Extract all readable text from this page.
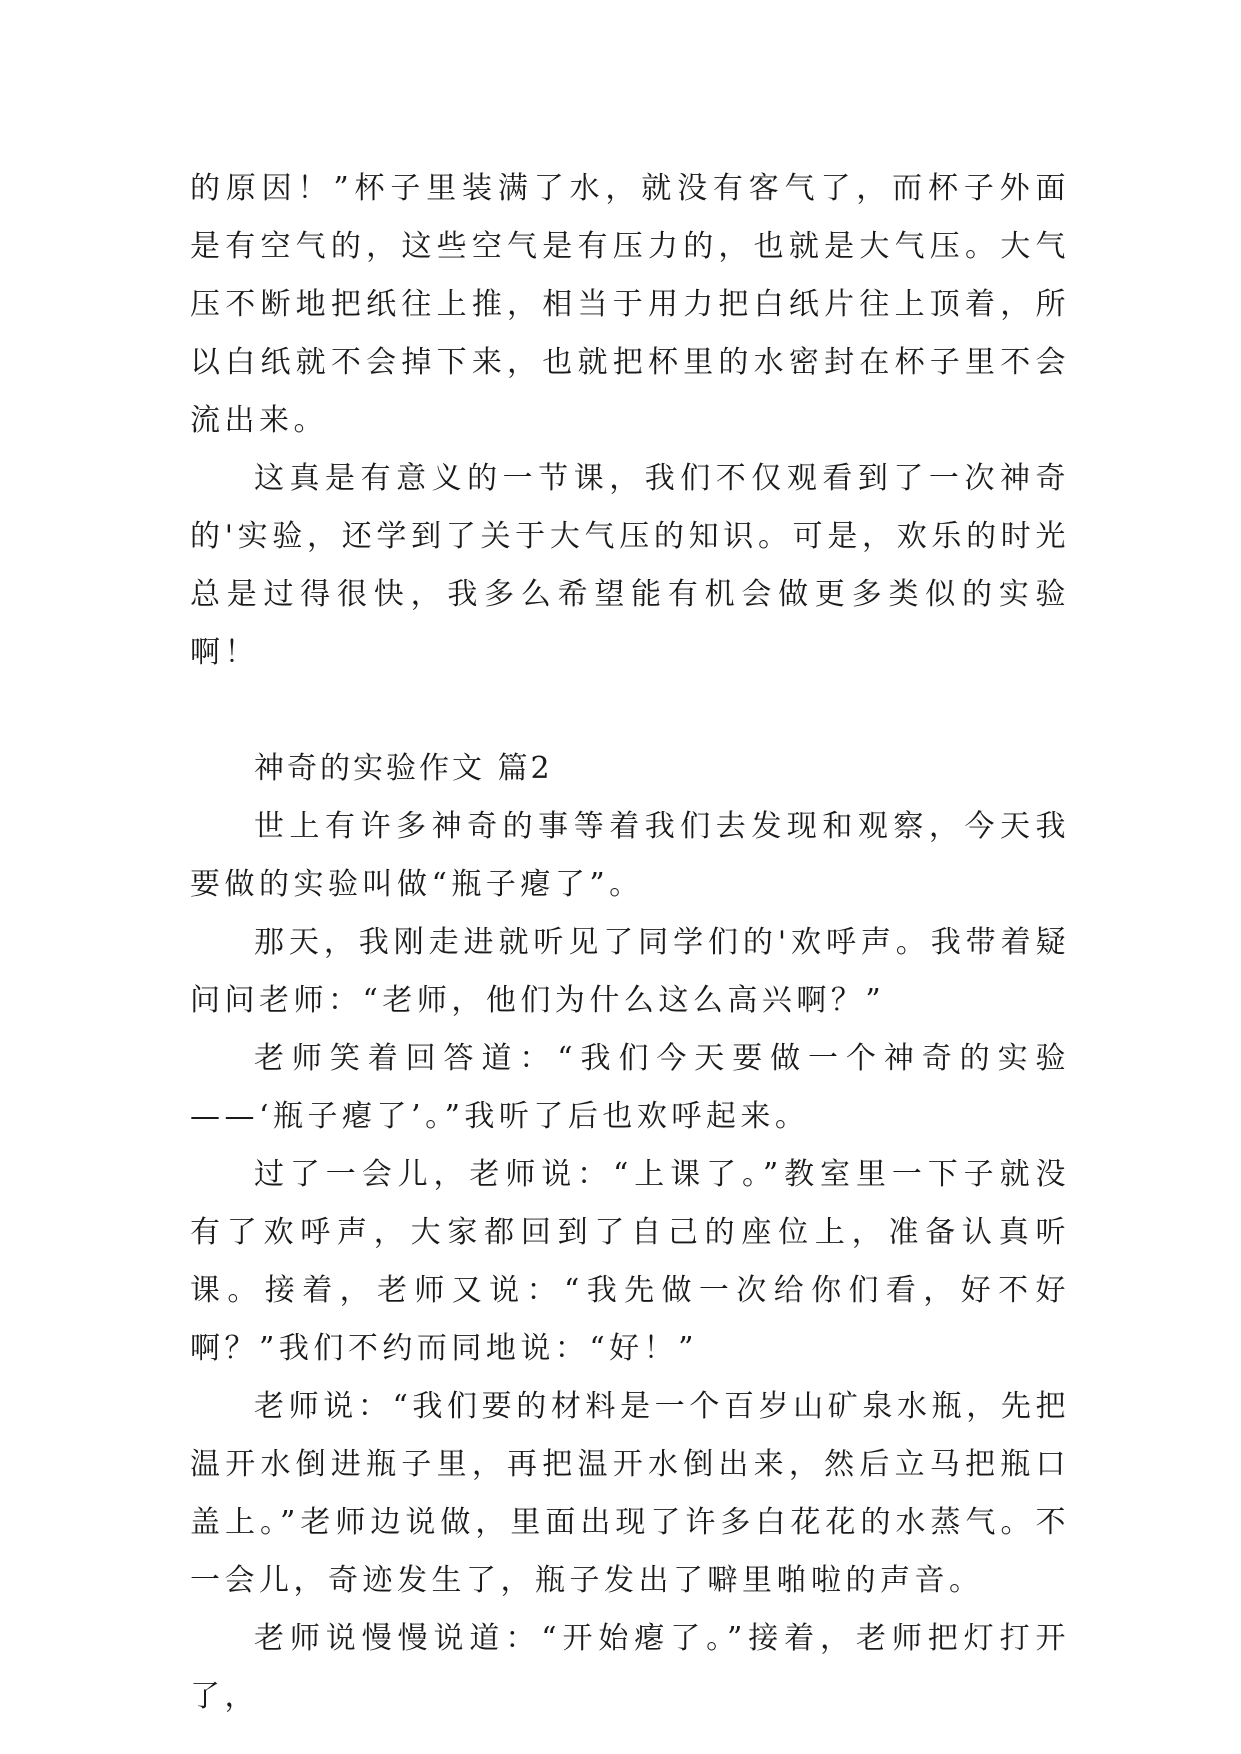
的原因！”杯子里装满了水，就没有客气了，而杯子外面是有空气的，这些空气是有压力的，也就是大气压。大气压不断地把纸往上推，相当于用力把白纸片往上顶着，所以白纸就不会掉下来，也就把杯里的水密封在杯子里不会流出来。

这真是有意义的一节课，我们不仅观看到了一次神奇的'实验，还学到了关于大气压的知识。可是，欢乐的时光总是过得很快，我多么希望能有机会做更多类似的实验啊！

神奇的实验作文 篇2

世上有许多神奇的事等着我们去发现和观察，今天我要做的实验叫做“瓶子瘪了”。

那天，我刚走进就听见了同学们的'欢呼声。我带着疑问问老师：“老师，他们为什么这么高兴啊？”

老师笑着回答道：“我们今天要做一个神奇的实验——‘瓶子瘪了’。”我听了后也欢呼起来。

过了一会儿，老师说：“上课了。”教室里一下子就没有了欢呼声，大家都回到了自己的座位上，准备认真听课。接着，老师又说：“我先做一次给你们看，好不好啊？”我们不约而同地说：“好！”

老师说：“我们要的材料是一个百岁山矿泉水瓶，先把温开水倒进瓶子里，再把温开水倒出来，然后立马把瓶口盖上。”老师边说做，里面出现了许多白花花的水蒸气。不一会儿，奇迹发生了，瓶子发出了噼里啪啦的声音。

老师说慢慢说道：“开始瘪了。”接着，老师把灯打开了，
